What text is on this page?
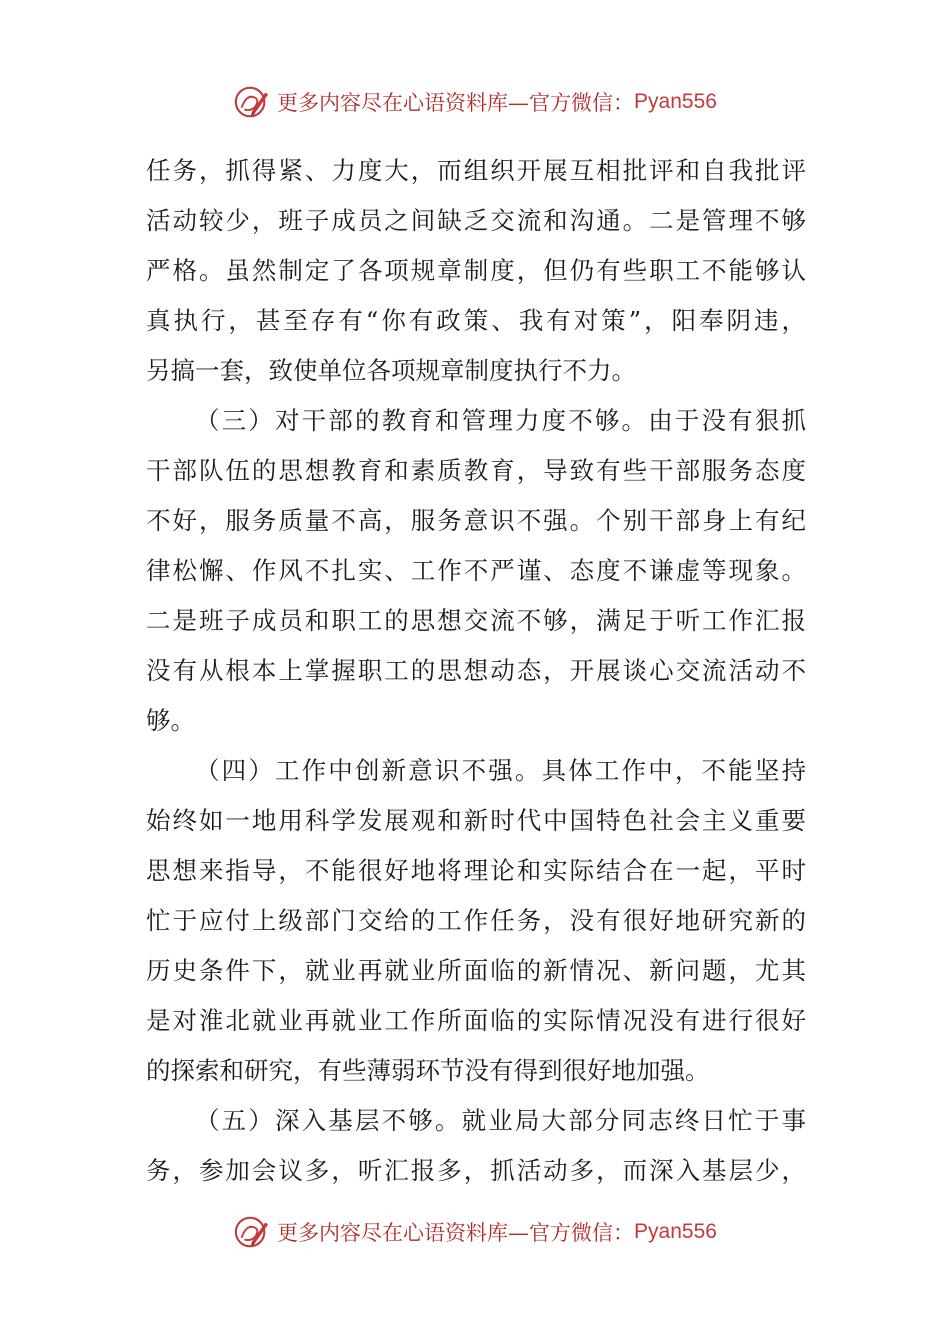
更多内容尽在心语资料库—官方微信： Pyan556
任务，抓得紧、力度大，而组织开展互相批评和自我批评
活动较少，班子成员之间缺乏交流和沟通。二是管理不够
严格。虽然制定了各项规章制度，但仍有些职工不能够认
真执行，甚至存有“你有政策、我有对策”，阳奉阴违，
另搞一套，致使单位各项规章制度执行不力。
（三）对干部的教育和管理力度不够。由于没有狠抓
干部队伍的思想教育和素质教育，导致有些干部服务态度
不好，服务质量不高，服务意识不强。个别干部身上有纪
律松懈、作风不扎实、工作不严谨、态度不谦虚等现象。
二是班子成员和职工的思想交流不够，满足于听工作汇报
没有从根本上掌握职工的思想动态，开展谈心交流活动不
够。
（四）工作中创新意识不强。具体工作中，不能坚持
始终如一地用科学发展观和新时代中国特色社会主义重要
思想来指导，不能很好地将理论和实际结合在一起，平时
忙于应付上级部门交给的工作任务，没有很好地研究新的
历史条件下，就业再就业所面临的新情况、新问题，尤其
是对淮北就业再就业工作所面临的实际情况没有进行很好
的探索和研究，有些薄弱环节没有得到很好地加强。
（五）深入基层不够。就业局大部分同志终日忙于事
务，参加会议多，听汇报多，抓活动多，而深入基层少，
更多内容尽在心语资料库—官方微信： Pyan556
